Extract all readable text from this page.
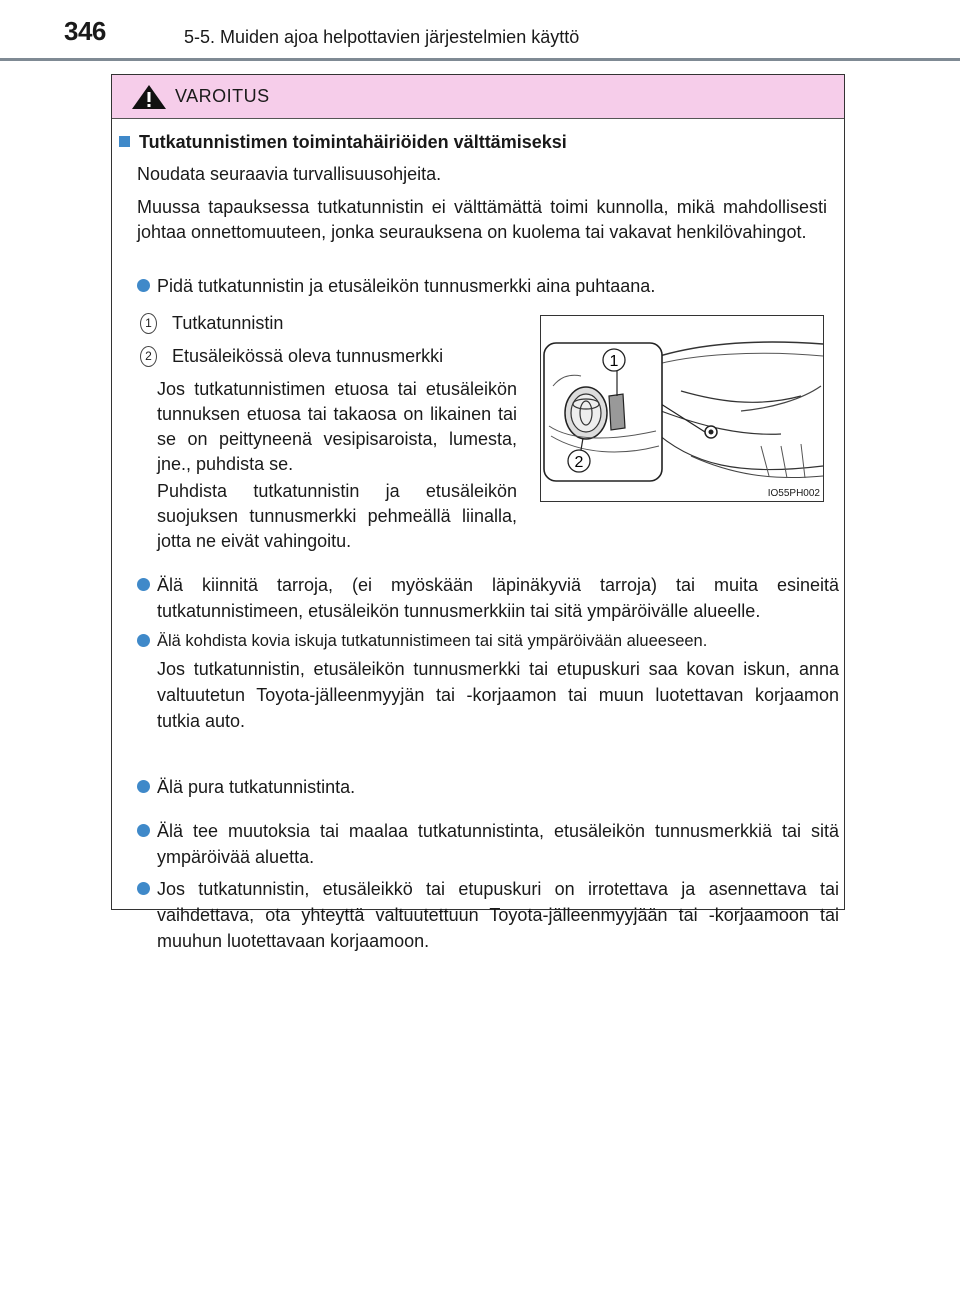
346	5-5. Muiden ajoa helpottavien järjestelmien käyttö
VAROITUS
Tutkatunnistimen toimintahäiriöiden välttämiseksi
Noudata seuraavia turvallisuusohjeita.
Muussa tapauksessa tutkatunnistin ei välttämättä toimi kunnolla, mikä mahdollisesti johtaa onnettomuuteen, jonka seurauksena on kuolema tai vakavat henkilövahingot.
Pidä tutkatunnistin ja etusäleikön tunnusmerkki aina puhtaana.
1 Tutkatunnistin
2 Etusäleikössä oleva tunnusmerkki
Jos tutkatunnistimen etuosa tai etusäleikön tunnuksen etuosa tai takaosa on likainen tai se on peittyneenä vesipisaroista, lumesta, jne., puhdista se.
Puhdista tutkatunnistin ja etusäleikön suojuksen tunnusmerkki pehmeällä liinalla, jotta ne eivät vahingoitu.
1
2
IO55PH002
Älä kiinnitä tarroja, (ei myöskään läpinäkyviä tarroja) tai muita esineitä tutkatunnistimeen, etusäleikön tunnusmerkkiin tai sitä ympäröivälle alueelle.
Älä kohdista kovia iskuja tutkatunnistimeen tai sitä ympäröivään alueeseen.
Jos tutkatunnistin, etusäleikön tunnusmerkki tai etupuskuri saa kovan iskun, anna valtuutetun Toyota-jälleenmyyjän tai -korjaamon tai muun luotettavan korjaamon tutkia auto.
Älä pura tutkatunnistinta.
Älä tee muutoksia tai maalaa tutkatunnistinta, etusäleikön tunnusmerkkiä tai sitä ympäröivää aluetta.
Jos tutkatunnistin, etusäleikkö tai etupuskuri on irrotettava ja asennettava tai vaihdettava, ota yhteyttä valtuutettuun Toyota-jälleenmyyjään tai -korjaamoon tai muuhun luotettavaan korjaamoon.
